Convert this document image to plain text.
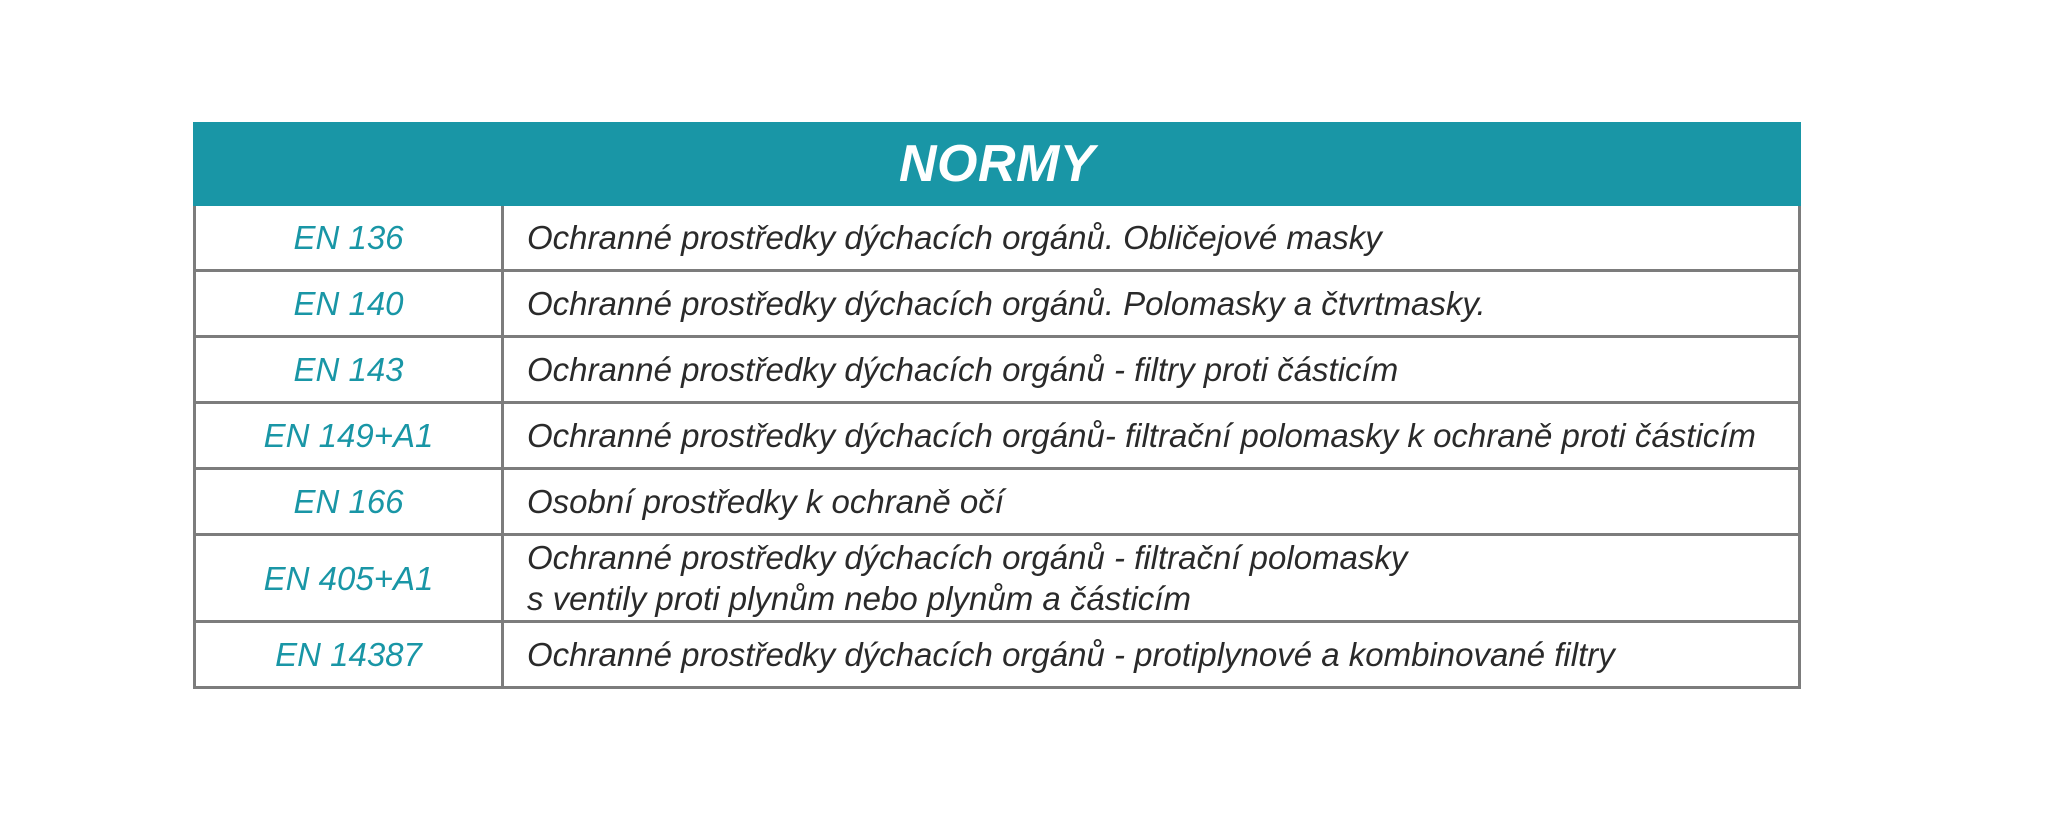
NORMY	
EN 136	Ochranné prostředky dýchacích orgánů. Obličejové masky

EN 140	Ochranné prostředky dýchacích orgánů. Polomasky a čtvrtmasky.

EN 143	Ochranné prostředky dýchacích orgánů - filtry proti částicím

EN 149+A1	Ochranné prostředky dýchacích orgánů- filtrační polomasky k ochraně proti částicím

EN 166	Osobní prostředky k ochraně očí

EN 405+A1	Ochranné prostředky dýchacích orgánů - filtrační polomasky
s ventily proti plynům nebo plynům a částicím

EN 14387	Ochranné prostředky dýchacích orgánů - protiplynové a kombinované filtry
